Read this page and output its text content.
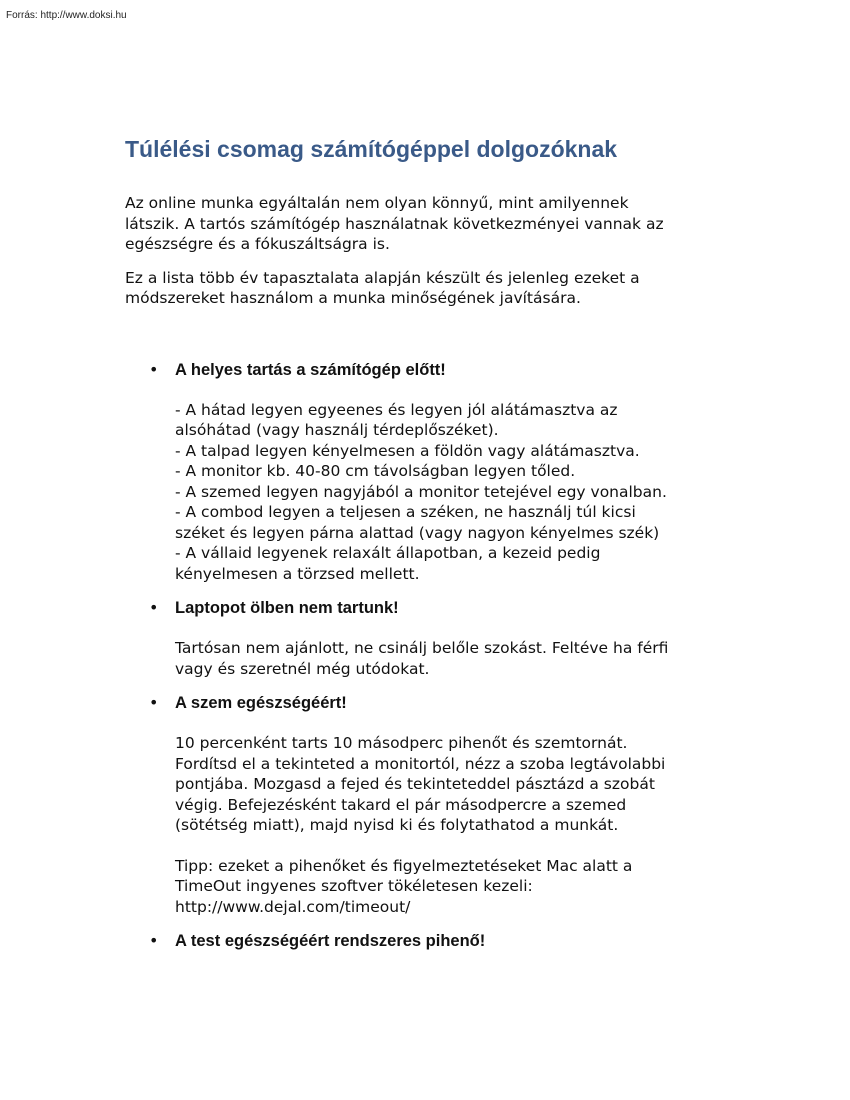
Forrás: http://www.doksi.hu
Túlélési csomag számítógéppel dolgozóknak

Az online munka egyáltalán nem olyan könnyű, mint amilyennek
látszik. A tartós számítógép használatnak következményei vannak az
egészségre és a fókuszáltságra is.

Ez a lista több év tapasztalata alapján készült és jelenleg ezeket a
módszereket használom a munka minőségének javítására.

• A helyes tartás a számítógép előtt!

- A hátad legyen egyeenes és legyen jól alátámasztva az
alsóhátad (vagy használj térdeplőszéket).
- A talpad legyen kényelmesen a földön vagy alátámasztva.
- A monitor kb. 40-80 cm távolságban legyen tőled.
- A szemed legyen nagyjából a monitor tetejével egy vonalban.
- A combod legyen a teljesen a széken, ne használj túl kicsi
széket és legyen párna alattad (vagy nagyon kényelmes szék)
- A vállaid legyenek relaxált állapotban, a kezeid pedig
kényelmesen a törzsed mellett.

• Laptopot ölben nem tartunk!

Tartósan nem ajánlott, ne csinálj belőle szokást. Feltéve ha férfi
vagy és szeretnél még utódokat.

• A szem egészségéért!

10 percenként tarts 10 másodperc pihenőt és szemtornát.
Fordítsd el a tekinteted a monitortól, nézz a szoba legtávolabbi
pontjába. Mozgasd a fejed és tekinteteddel pásztázd a szobát
végig. Befejezésként takard el pár másodpercre a szemed
(sötétség miatt), majd nyisd ki és folytathatod a munkát.

Tipp: ezeket a pihenőket és figyelmeztetéseket Mac alatt a
TimeOut ingyenes szoftver tökéletesen kezeli:
http://www.dejal.com/timeout/

• A test egészségéért rendszeres pihenő!
